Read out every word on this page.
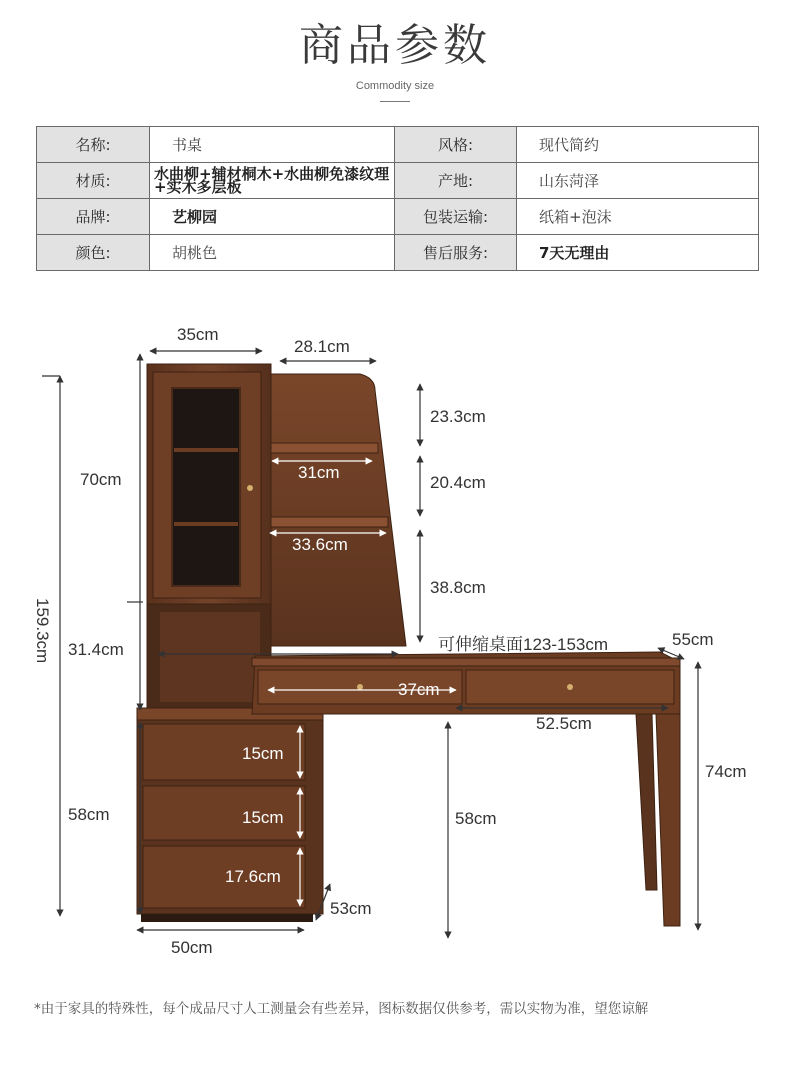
商品参数
Commodity size
名称:	书桌	风格:	现代简约
材质:	水曲柳+辅材桐木+水曲柳免漆纹理+实木多层板	产地:	山东菏泽
品牌:	艺柳园	包装运输:	纸箱+泡沫
颜色:	胡桃色	售后服务:	7天无理由
35cm
28.1cm
23.3cm
31cm
20.4cm
33.6cm
38.8cm
70cm
159.3cm 31.4cm	可伸缩桌面123-153cm	55cm
37cm
52.5cm
15cm
15cm
17.6cm
58cm	58cm
74cm
53cm
50cm
*由于家具的特殊性，每个成品尺寸人工测量会有些差异，图标数据仅供参考，需以实物为准，望您谅解
